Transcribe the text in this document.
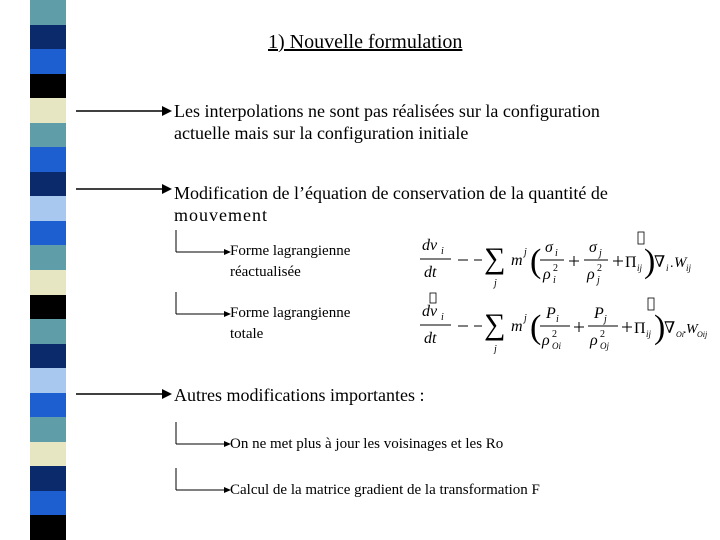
1) Nouvelle formulation
Les interpolations ne sont pas réalisées sur la configuration
actuelle mais sur la configuration initiale
Modification de l’équation de conservation de la quantité de
mouvement
Autres modifications importantes :
Forme lagrangienne
réactualisée
Forme lagrangienne
totale
On ne met plus à jour les voisinages et les Ro
Calcul de la matrice gradient de la transformation F
dv i
dt ∑
j
m j ( σ i
ρ 2
i
σ j
ρ 2
j
Π ij )
∇ i . W ij
dv i
dt ∑
j
m j ( P i
ρ 2
Oi
P j
ρ 2
Oj
Π ij )
∇ Oi . W Oij
